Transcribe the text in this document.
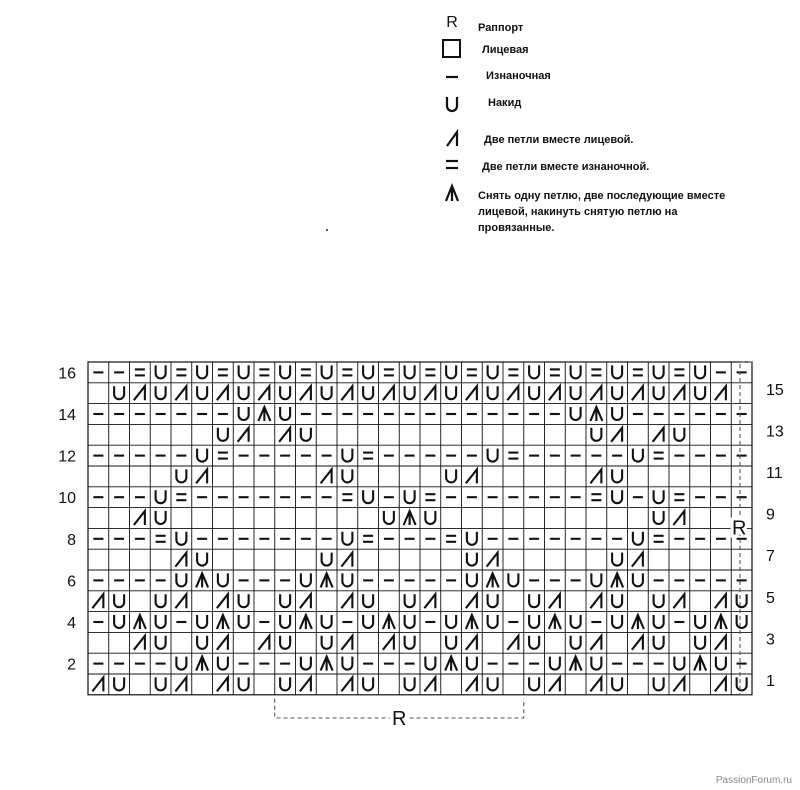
R	Раппорт
Лицевая
Изнаночная
Накид
Две петли вместе лицевой.
Две петли вместе изнаночной.
Снять одну петлю, две последующие вместе лицевой, накинуть снятую петлю на провязанные.
16
14
12
10
8
6
4
2
15
13
11
9
7
5
3
1
R
R
PassionForum.ru
